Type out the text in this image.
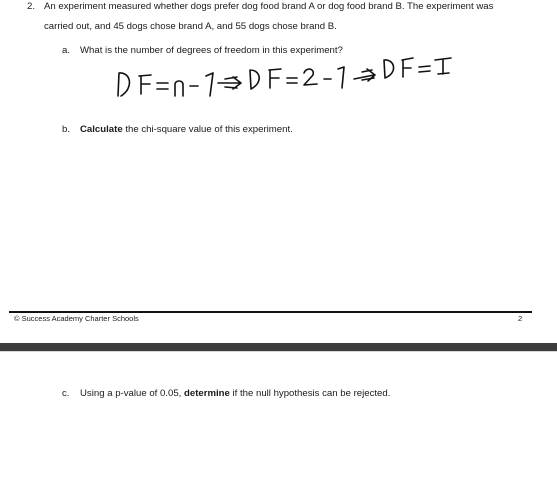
2. An experiment measured whether dogs prefer dog food brand A or dog food brand B. The experiment was
carried out, and 45 dogs chose brand A, and 55 dogs chose brand B.
a. What is the number of degrees of freedom in this experiment?
b. Calculate the chi-square value of this experiment.
© Success Academy Charter Schools	2
c. Using a p-value of 0.05, determine if the null hypothesis can be rejected.
